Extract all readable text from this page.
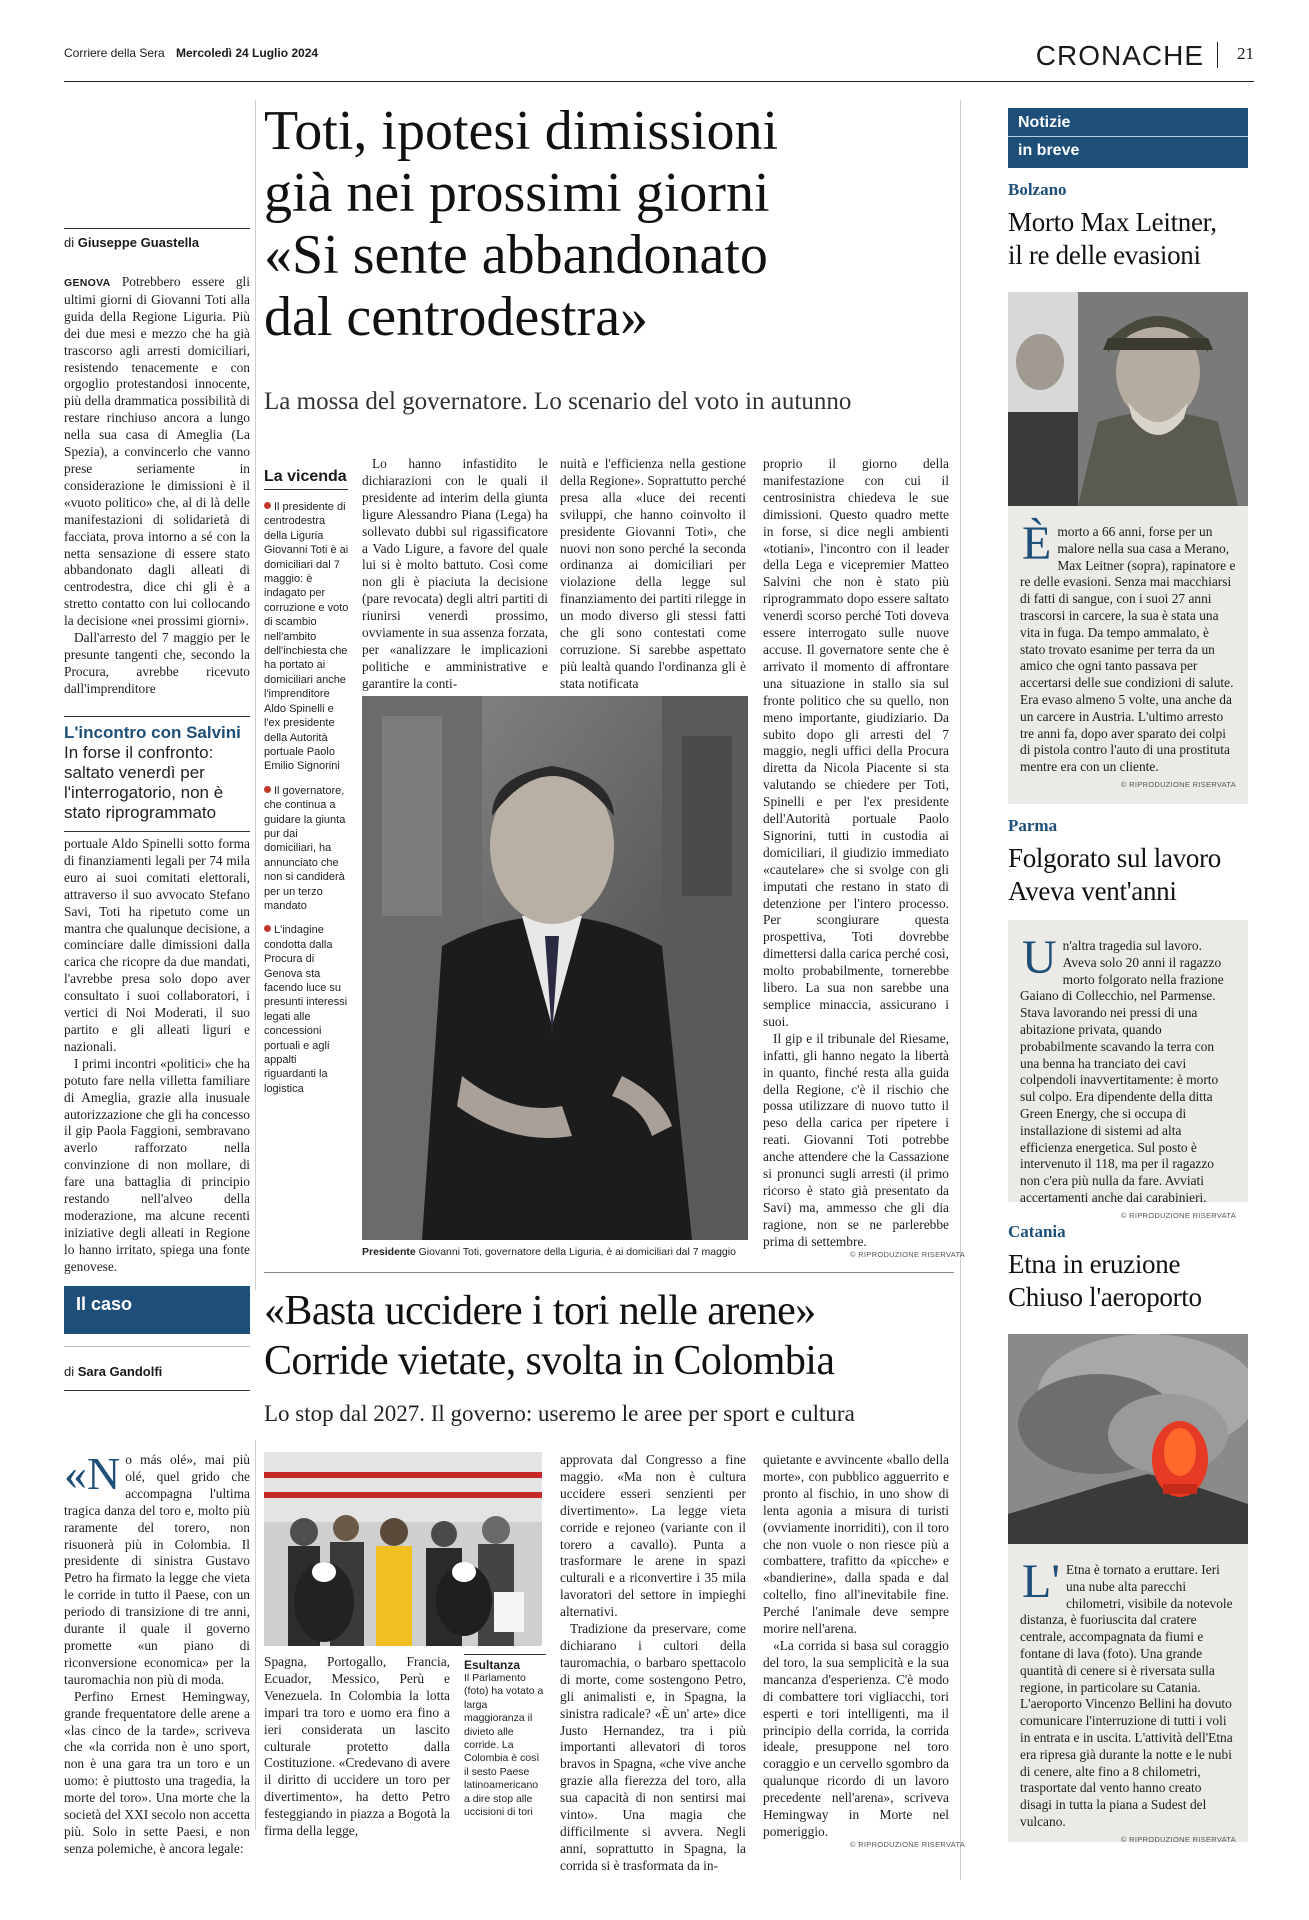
Corriere della Sera Mercoledì 24 Luglio 2024	CRONACHE 21
Toti, ipotesi dimissioni
già nei prossimi giorni
«Si sente abbandonato
dal centrodestra»
La mossa del governatore. Lo scenario del voto in autunno
di Giuseppe Guastella

GENOVA Potrebbero essere gli ultimi giorni di Giovanni Toti alla guida della Regione Liguria. Più dei due mesi e mezzo che ha già trascorso agli arresti domiciliari, resistendo tenacemente e con orgoglio protestandosi innocente, più della drammatica possibilità di restare rinchiuso ancora a lungo nella sua casa di Ameglia (La Spezia), a convincerlo che vanno prese seriamente in considerazione le dimissioni è il «vuoto politico» che, al di là delle manifestazioni di solidarietà di facciata, prova intorno a sé con la netta sensazione di essere stato abbandonato dagli alleati di centrodestra, dice chi gli è a stretto contatto con lui collocando la decisione «nei prossimi giorni».

Dall'arresto del 7 maggio per le presunte tangenti che, secondo la Procura, avrebbe ricevuto dall'imprenditore

L'incontro con Salvini
In forse il confronto: saltato venerdì per l'interrogatorio, non è stato riprogrammato

portuale Aldo Spinelli sotto forma di finanziamenti legali per 74 mila euro ai suoi comitati elettorali, attraverso il suo avvocato Stefano Savi, Toti ha ripetuto come un mantra che qualunque decisione, a cominciare dalle dimissioni dalla carica che ricopre da due mandati, l'avrebbe presa solo dopo aver consultato i suoi collaboratori, i vertici di Noi Moderati, il suo partito e gli alleati liguri e nazionali.

I primi incontri «politici» che ha potuto fare nella villetta familiare di Ameglia, grazie alla inusuale autorizzazione che gli ha concesso il gip Paola Faggioni, sembravano averlo rafforzato nella convinzione di non mollare, di fare una battaglia di principio restando nell'alveo della moderazione, ma alcune recenti iniziative degli alleati in Regione lo hanno irritato, spiega una fonte genovese.

La vicenda
Il presidente di centrodestra della Liguria Giovanni Toti è ai domiciliari dal 7 maggio: è indagato per corruzione e voto di scambio nell'ambito dell'inchiesta che ha portato ai domiciliari anche l'imprenditore Aldo Spinelli e l'ex presidente della Autorità portuale Paolo Emilio Signorini
Il governatore, che continua a guidare la giunta pur dai domiciliari, ha annunciato che non si candiderà per un terzo mandato
L'indagine condotta dalla Procura di Genova sta facendo luce su presunti interessi legati alle concessioni portuali e agli appalti riguardanti la logistica

Lo hanno infastidito le dichiarazioni con le quali il presidente ad interim della giunta ligure Alessandro Piana (Lega) ha sollevato dubbi sul rigassificatore a Vado Ligure, a favore del quale lui si è molto battuto. Così come non gli è piaciuta la decisione (pare revocata) degli altri partiti di riunirsi venerdì prossimo, ovviamente in sua assenza forzata, per «analizzare le implicazioni politiche e amministrative e garantire la conti-

nuità e l'efficienza nella gestione della Regione». Soprattutto perché presa alla «luce dei recenti sviluppi, che hanno coinvolto il presidente Giovanni Toti», che nuovi non sono perché la seconda ordinanza ai domiciliari per violazione della legge sul finanziamento dei partiti rilegge in un modo diverso gli stessi fatti che gli sono contestati come corruzione. Si sarebbe aspettato più lealtà quando l'ordinanza gli è stata notificata

proprio il giorno della manifestazione con cui il centrosinistra chiedeva le sue dimissioni. Questo quadro mette in forse, si dice negli ambienti «totiani», l'incontro con il leader della Lega e vicepremier Matteo Salvini che non è stato più riprogrammato dopo essere saltato venerdì scorso perché Toti doveva essere interrogato sulle nuove accuse. Il governatore sente che è arrivato il momento di affrontare una situazione in stallo sia sul fronte politico che su quello, non meno importante, giudiziario. Da subito dopo gli arresti del 7 maggio, negli uffici della Procura diretta da Nicola Piacente si sta valutando se chiedere per Toti, Spinelli e per l'ex presidente dell'Autorità portuale Paolo Signorini, tutti in custodia ai domiciliari, il giudizio immediato «cautelare» che si svolge con gli imputati che restano in stato di detenzione per l'intero processo. Per scongiurare questa prospettiva, Toti dovrebbe dimettersi dalla carica perché così, molto probabilmente, tornerebbe libero. La sua non sarebbe una semplice minaccia, assicurano i suoi.

Il gip e il tribunale del Riesame, infatti, gli hanno negato la libertà in quanto, finché resta alla guida della Regione, c'è il rischio che possa utilizzare di nuovo tutto il peso della carica per ripetere i reati. Giovanni Toti potrebbe anche attendere che la Cassazione si pronunci sugli arresti (il primo ricorso è stato già presentato da Savi) ma, ammesso che gli dia ragione, non se ne parlerebbe prima di settembre.

Presidente Giovanni Toti, governatore della Liguria, è ai domiciliari dal 7 maggio	© RIPRODUZIONE RISERVATA
Il caso
di Sara Gandolfi
«Basta uccidere i tori nelle arene»
Corride vietate, svolta in Colombia
Lo stop dal 2027. Il governo: useremo le aree per sport e cultura

«No más olé», mai più olé, quel grido che accompagna l'ultima tragica danza del toro e, molto più raramente del torero, non risuonerà più in Colombia. Il presidente di sinistra Gustavo Petro ha firmato la legge che vieta le corride in tutto il Paese, con un periodo di transizione di tre anni, durante il quale il governo promette «un piano di riconversione economica» per la tauromachia non più di moda.

Perfino Ernest Hemingway, grande frequentatore delle arene a «las cinco de la tarde», scriveva che «la corrida non è uno sport, non è una gara tra un toro e un uomo: è piuttosto una tragedia, la morte del toro». Una morte che la società del XXI secolo non accetta più. Solo in sette Paesi, e non senza polemiche, è ancora legale:

Spagna, Portogallo, Francia, Ecuador, Messico, Perù e Venezuela. In Colombia la lotta impari tra toro e uomo era fino a ieri considerata un lascito culturale protetto dalla Costituzione. «Credevano di avere il diritto di uccidere un toro per divertimento», ha detto Petro festeggiando in piazza a Bogotà la firma della legge,

Esultanza
Il Parlamento (foto) ha votato a larga maggioranza il divieto alle corride. La Colombia è così il sesto Paese latinoamericano a dire stop alle uccisioni di tori

approvata dal Congresso a fine maggio. «Ma non è cultura uccidere esseri senzienti per divertimento». La legge vieta corride e rejoneo (variante con il torero a cavallo). Punta a trasformare le arene in spazi culturali e a riconvertire i 35 mila lavoratori del settore in impieghi alternativi.

Tradizione da preservare, come dichiarano i cultori della tauromachia, o barbaro spettacolo di morte, come sostengono Petro, gli animalisti e, in Spagna, la sinistra radicale? «È un' arte» dice Justo Hernandez, tra i più importanti allevatori di toros bravos in Spagna, «che vive anche grazie alla fierezza del toro, alla sua capacità di non sentirsi mai vinto». Una magia che difficilmente si avvera. Negli anni, soprattutto in Spagna, la corrida si è trasformata da in-

quietante e avvincente «ballo della morte», con pubblico agguerrito e pronto al fischio, in uno show di lenta agonia a misura di turisti (ovviamente inorriditi), con il toro che non vuole o non riesce più a combattere, trafitto da «picche» e «bandierine», dalla spada e dal coltello, fino all'inevitabile fine. Perché l'animale deve sempre morire nell'arena.

«La corrida si basa sul coraggio del toro, la sua semplicità e la sua mancanza d'esperienza. C'è modo di combattere tori vigliacchi, tori esperti e tori intelligenti, ma il principio della corrida, la corrida ideale, presuppone nel toro coraggio e un cervello sgombro da qualunque ricordo di un lavoro precedente nell'arena», scriveva Hemingway in Morte nel pomeriggio.

© RIPRODUZIONE RISERVATA
Notizie
in breve
Bolzano
Morto Max Leitner,
il re delle evasioni
Èmorto a 66 anni, forse per un malore nella sua casa a Merano, Max Leitner (sopra), rapinatore e re delle evasioni. Senza mai macchiarsi di fatti di sangue, con i suoi 27 anni trascorsi in carcere, la sua è stata una vita in fuga. Da tempo ammalato, è stato trovato esanime per terra da un amico che ogni tanto passava per accertarsi delle sue condizioni di salute. Era evaso almeno 5 volte, una anche da un carcere in Austria. L'ultimo arresto tre anni fa, dopo aver sparato dei colpi di pistola contro l'auto di una prostituta mentre era con un cliente.
© RIPRODUZIONE RISERVATA
Parma
Folgorato sul lavoro
Aveva vent'anni
Un'altra tragedia sul lavoro. Aveva solo 20 anni il ragazzo morto folgorato nella frazione Gaiano di Collecchio, nel Parmense. Stava lavorando nei pressi di una abitazione privata, quando probabilmente scavando la terra con una benna ha tranciato dei cavi colpendoli inavvertitamente: è morto sul colpo. Era dipendente della ditta Green Energy, che si occupa di installazione di sistemi ad alta efficienza energetica. Sul posto è intervenuto il 118, ma per il ragazzo non c'era più nulla da fare. Avviati accertamenti anche dai carabinieri.
© RIPRODUZIONE RISERVATA
Catania
Etna in eruzione
Chiuso l'aeroporto
L' Etna è tornato a eruttare. Ieri una nube alta parecchi chilometri, visibile da notevole distanza, è fuoriuscita dal cratere centrale, accompagnata da fiumi e fontane di lava (foto). Una grande quantità di cenere si è riversata sulla regione, in particolare su Catania. L'aeroporto Vincenzo Bellini ha dovuto comunicare l'interruzione di tutti i voli in entrata e in uscita. L'attività dell'Etna era ripresa già durante la notte e le nubi di cenere, alte fino a 8 chilometri, trasportate dal vento hanno creato disagi in tutta la piana a Sudest del vulcano.
© RIPRODUZIONE RISERVATA
